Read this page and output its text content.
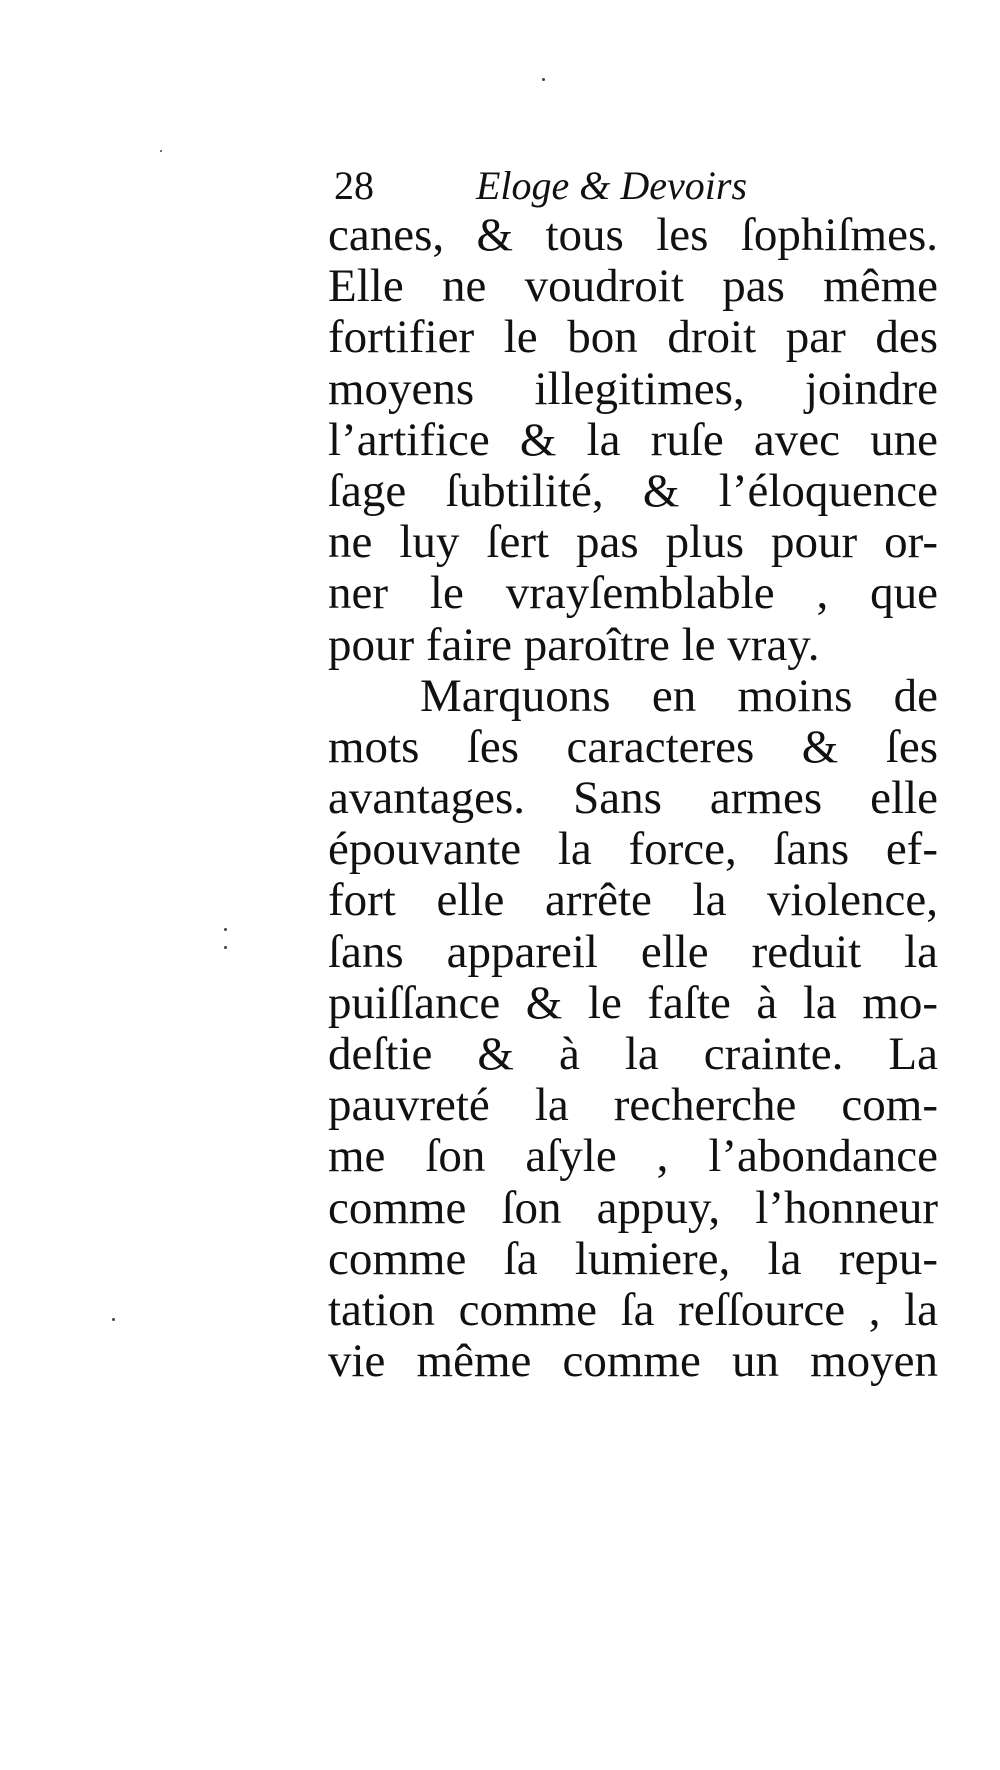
28	Eloge & Devoirs
canes, & tous les ſophiſmes.
Elle ne voudroit pas même
fortifier le bon droit par des
moyens illegitimes, joindre
l’artifice & la ruſe avec une
ſage ſubtilité, & l’éloquence
ne luy ſert pas plus pour or-
ner le vrayſemblable , que
pour faire paroître le vray.
Marquons en moins de
mots ſes caracteres & ſes
avantages. Sans armes elle
épouvante la force, ſans ef-
fort elle arrête la violence,
ſans appareil elle reduit la
puiſſance & le faſte à la mo-
deſtie & à la crainte. La
pauvreté la recherche com-
me ſon aſyle , l’abondance
comme ſon appuy, l’honneur
comme ſa lumiere, la repu-
tation comme ſa reſſource , la
vie même comme un moyen
